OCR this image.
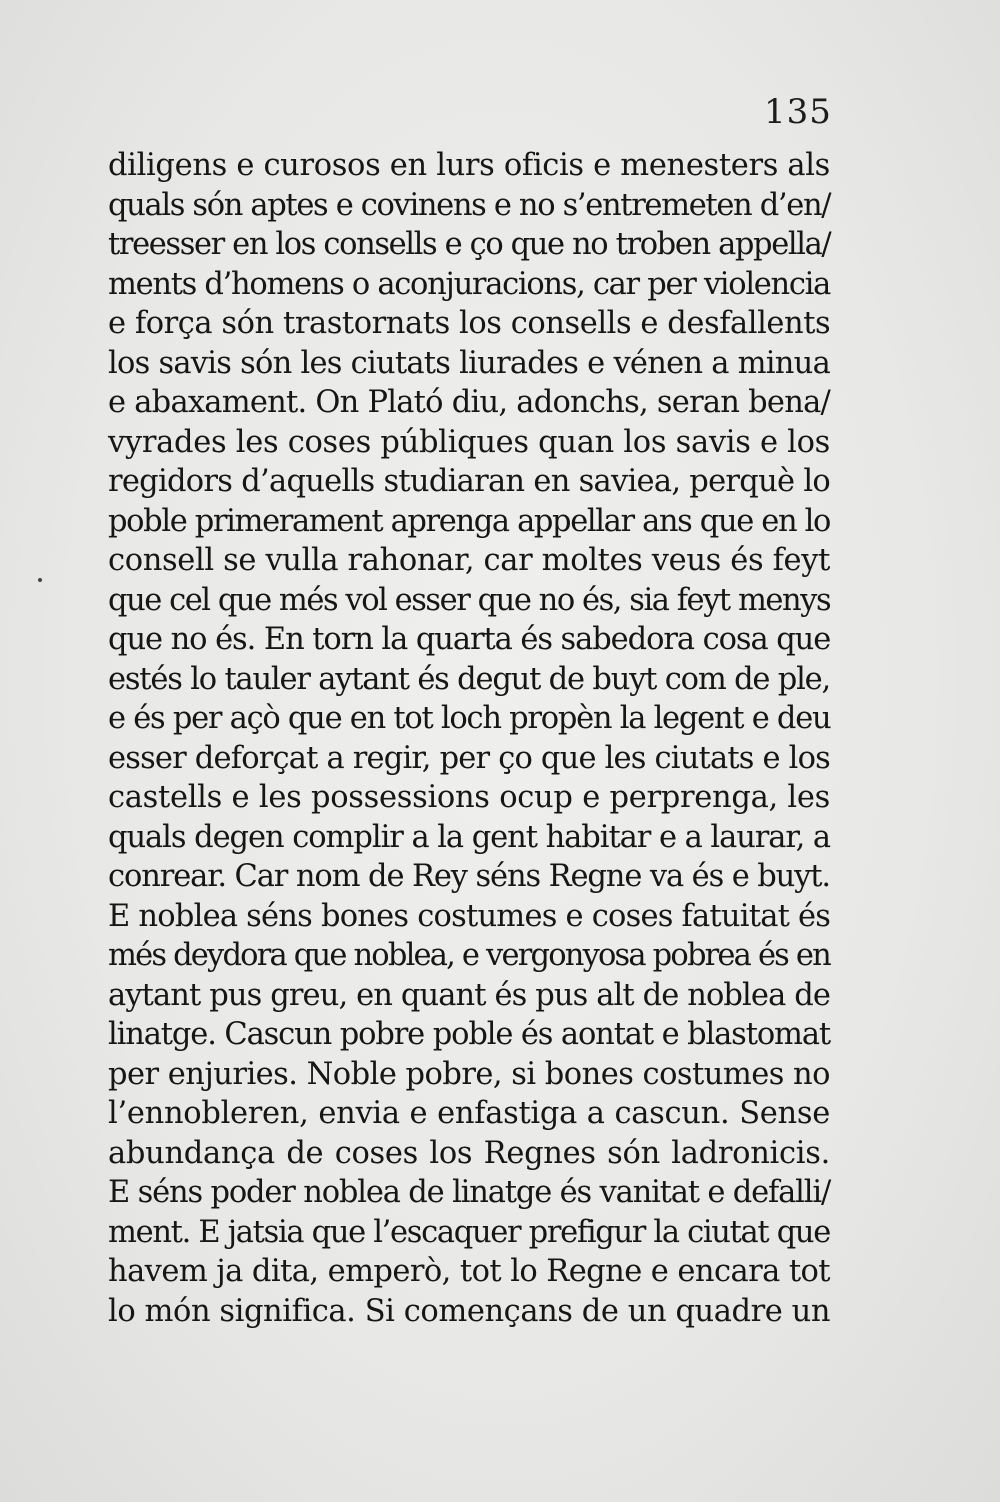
135
diligens e curosos en lurs oficis e menesters als
quals són aptes e covinens e no s’entremeten d’en/
treesser en los consells e ço que no troben appella/
ments d’homens o aconjuracions, car per violencia
e força són trastornats los consells e desfallents
los savis són les ciutats liurades e vénen a minua
e abaxament. On Plató diu, adonchs, seran bena/
vyrades les coses públiques quan los savis e los
regidors d’aquells studiaran en saviea, perquè lo
poble primerament aprenga appellar ans que en lo
consell se vulla rahonar, car moltes veus és feyt
que cel que més vol esser que no és, sia feyt menys
que no és. En torn la quarta és sabedora cosa que
estés lo tauler aytant és degut de buyt com de ple,
e és per açò que en tot loch propèn la legent e deu
esser deforçat a regir, per ço que les ciutats e los
castells e les possessions ocup e perprenga, les
quals degen complir a la gent habitar e a laurar, a
conrear. Car nom de Rey séns Regne va és e buyt.
E noblea séns bones costumes e coses fatuitat és
més deydora que noblea, e vergonyosa pobrea és en
aytant pus greu, en quant és pus alt de noblea de
linatge. Cascun pobre poble és aontat e blastomat
per enjuries. Noble pobre, si bones costumes no
l’ennobleren, envia e enfastiga a cascun. Sense
abundança de coses los Regnes són ladronicis.
E séns poder noblea de linatge és vanitat e defalli/
ment. E jatsia que l’escaquer prefigur la ciutat que
havem ja dita, emperò, tot lo Regne e encara tot
lo món significa. Si començans de un quadre un
